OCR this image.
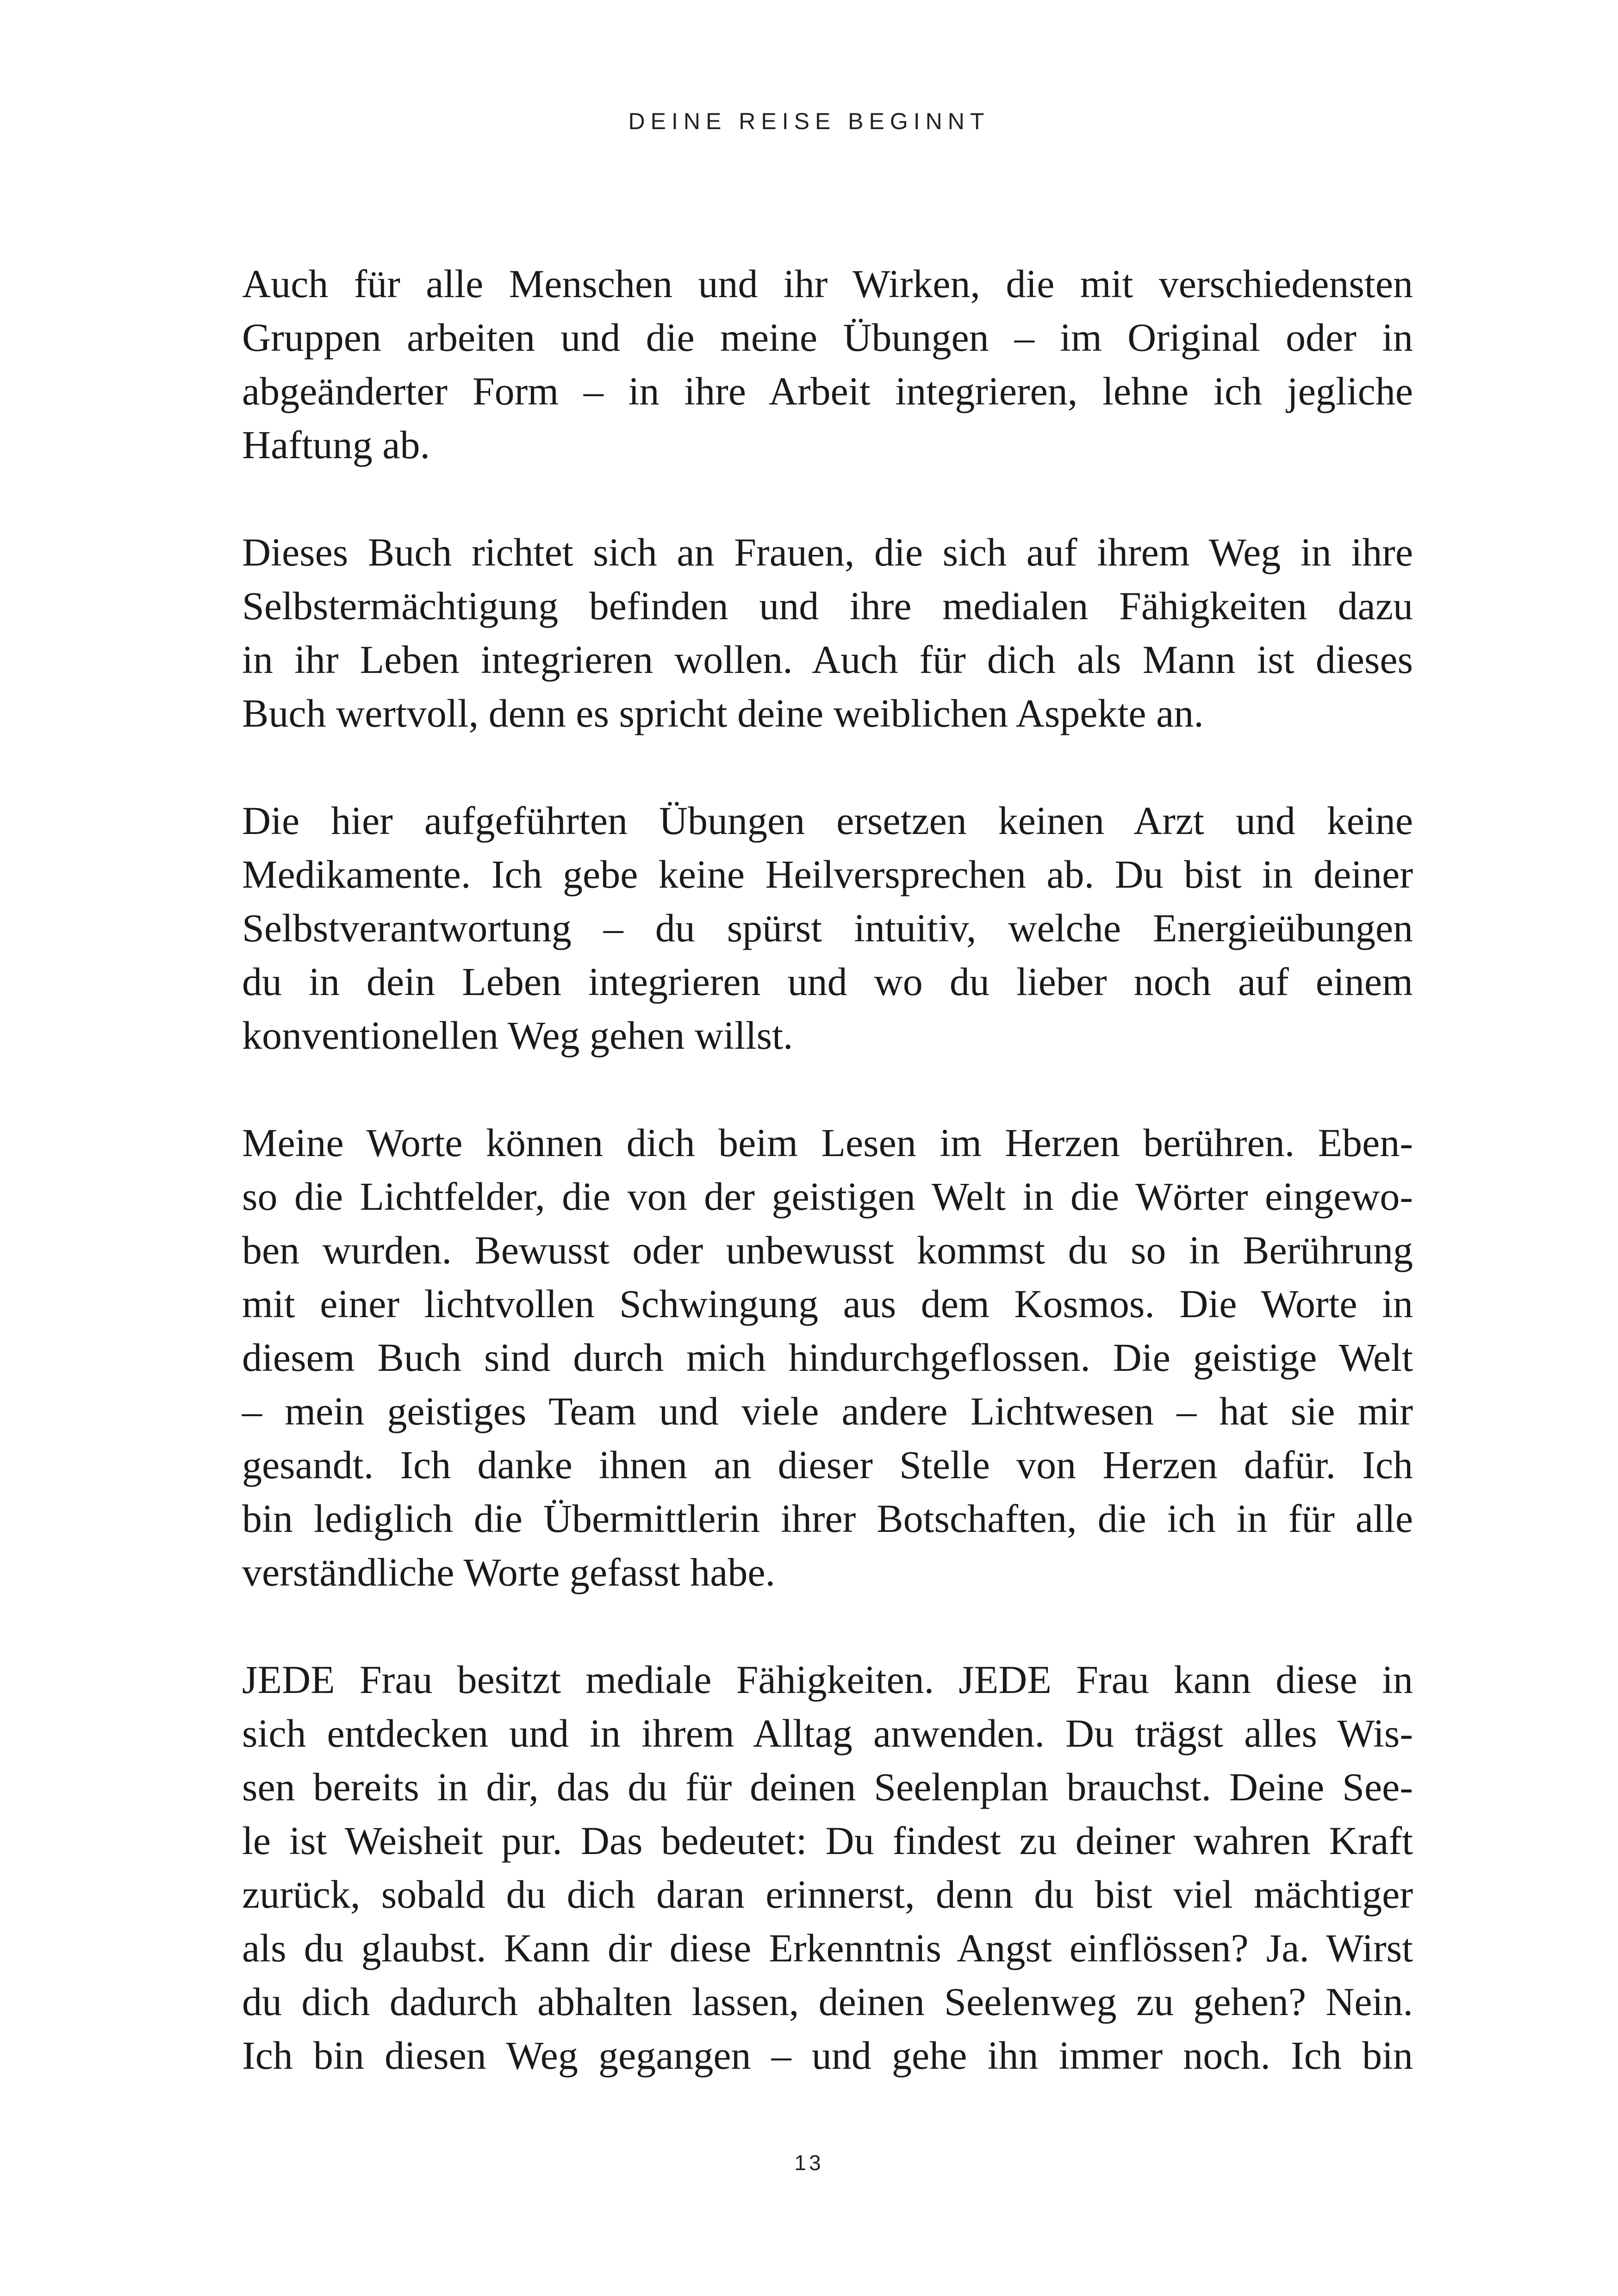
DEINE REISE BEGINNT

Auch für alle Menschen und ihr Wirken, die mit verschiedensten
Gruppen arbeiten und die meine Übungen – im Original oder in
abgeänderter Form – in ihre Arbeit integrieren, lehne ich jegliche
Haftung ab.

Dieses Buch richtet sich an Frauen, die sich auf ihrem Weg in ihre
Selbstermächtigung befinden und ihre medialen Fähigkeiten dazu
in ihr Leben integrieren wollen. Auch für dich als Mann ist dieses
Buch wertvoll, denn es spricht deine weiblichen Aspekte an.

Die hier aufgeführten Übungen ersetzen keinen Arzt und keine
Medikamente. Ich gebe keine Heilversprechen ab. Du bist in deiner
Selbstverantwortung – du spürst intuitiv, welche Energieübungen
du in dein Leben integrieren und wo du lieber noch auf einem
konventionellen Weg gehen willst.

Meine Worte können dich beim Lesen im Herzen berühren. Eben-
so die Lichtfelder, die von der geistigen Welt in die Wörter eingewo-
ben wurden. Bewusst oder unbewusst kommst du so in Berührung
mit einer lichtvollen Schwingung aus dem Kosmos. Die Worte in
diesem Buch sind durch mich hindurchgeflossen. Die geistige Welt
– mein geistiges Team und viele andere Lichtwesen – hat sie mir
gesandt. Ich danke ihnen an dieser Stelle von Herzen dafür. Ich
bin lediglich die Übermittlerin ihrer Botschaften, die ich in für alle
verständliche Worte gefasst habe.

JEDE Frau besitzt mediale Fähigkeiten. JEDE Frau kann diese in
sich entdecken und in ihrem Alltag anwenden. Du trägst alles Wis-
sen bereits in dir, das du für deinen Seelenplan brauchst. Deine See-
le ist Weisheit pur. Das bedeutet: Du findest zu deiner wahren Kraft
zurück, sobald du dich daran erinnerst, denn du bist viel mächtiger
als du glaubst. Kann dir diese Erkenntnis Angst einflössen? Ja. Wirst
du dich dadurch abhalten lassen, deinen Seelenweg zu gehen? Nein.
Ich bin diesen Weg gegangen – und gehe ihn immer noch. Ich bin

13
